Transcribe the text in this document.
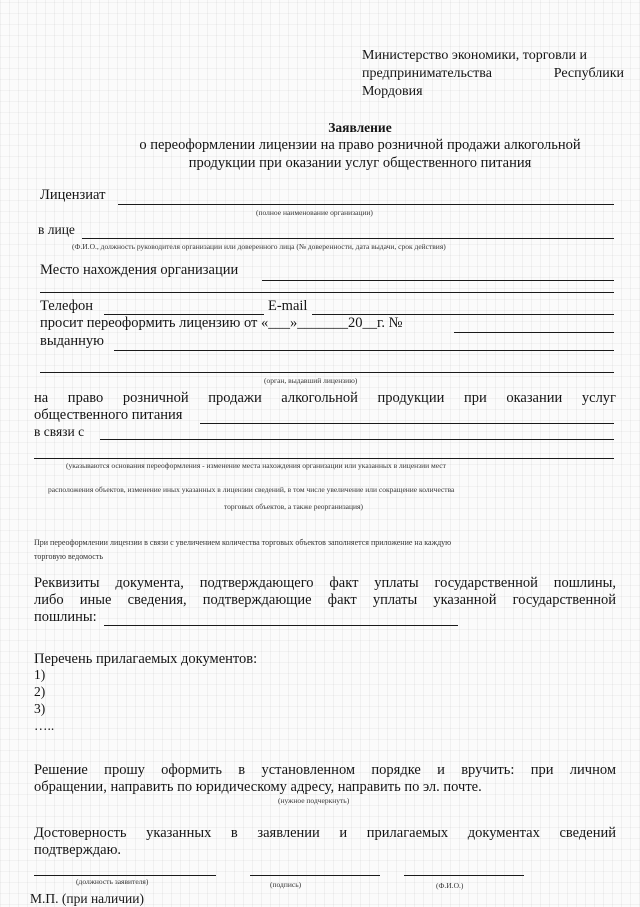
Министерство экономики, торговли и
предпринимательства	Республики
Мордовия
Заявление
о переоформлении лицензии на право розничной продажи алкогольной
продукции при оказании услуг общественного питания
Лицензиат
(полное наименование организации)
в лице
(Ф.И.О., должность руководителя организации или доверенного лица (№ доверенности, дата выдачи, срок действия)
Место нахождения организации
Телефон	E-mail
просит переоформить лицензию от «___»_______20__г. №
выданную
(орган, выдавший лицензию)
на право розничной продажи алкогольной продукции при оказании услуг
общественного питания
в связи с
(указываются основания переоформления - изменение места нахождения организации или указанных в лицензии мест
расположения объектов, изменение иных указанных в лицензии сведений, в том числе увеличение или сокращение количества
торговых объектов, а также реорганизация)
При переоформлении лицензии в связи с увеличением количества торговых объектов заполняется приложение на каждую
торговую ведомость
Реквизиты документа, подтверждающего факт уплаты государственной пошлины,
либо иные сведения, подтверждающие факт уплаты указанной государственной
пошлины:
Перечень прилагаемых документов:
1)
2)
3)
…..
Решение прошу оформить в установленном порядке и вручить: при личном
обращении, направить по юридическому адресу, направить по эл. почте.
(нужное подчеркнуть)
Достоверность указанных в заявлении и прилагаемых документах сведений
подтверждаю.
(должность заявителя)	(подпись)	(Ф.И.О.)
М.П. (при наличии)
